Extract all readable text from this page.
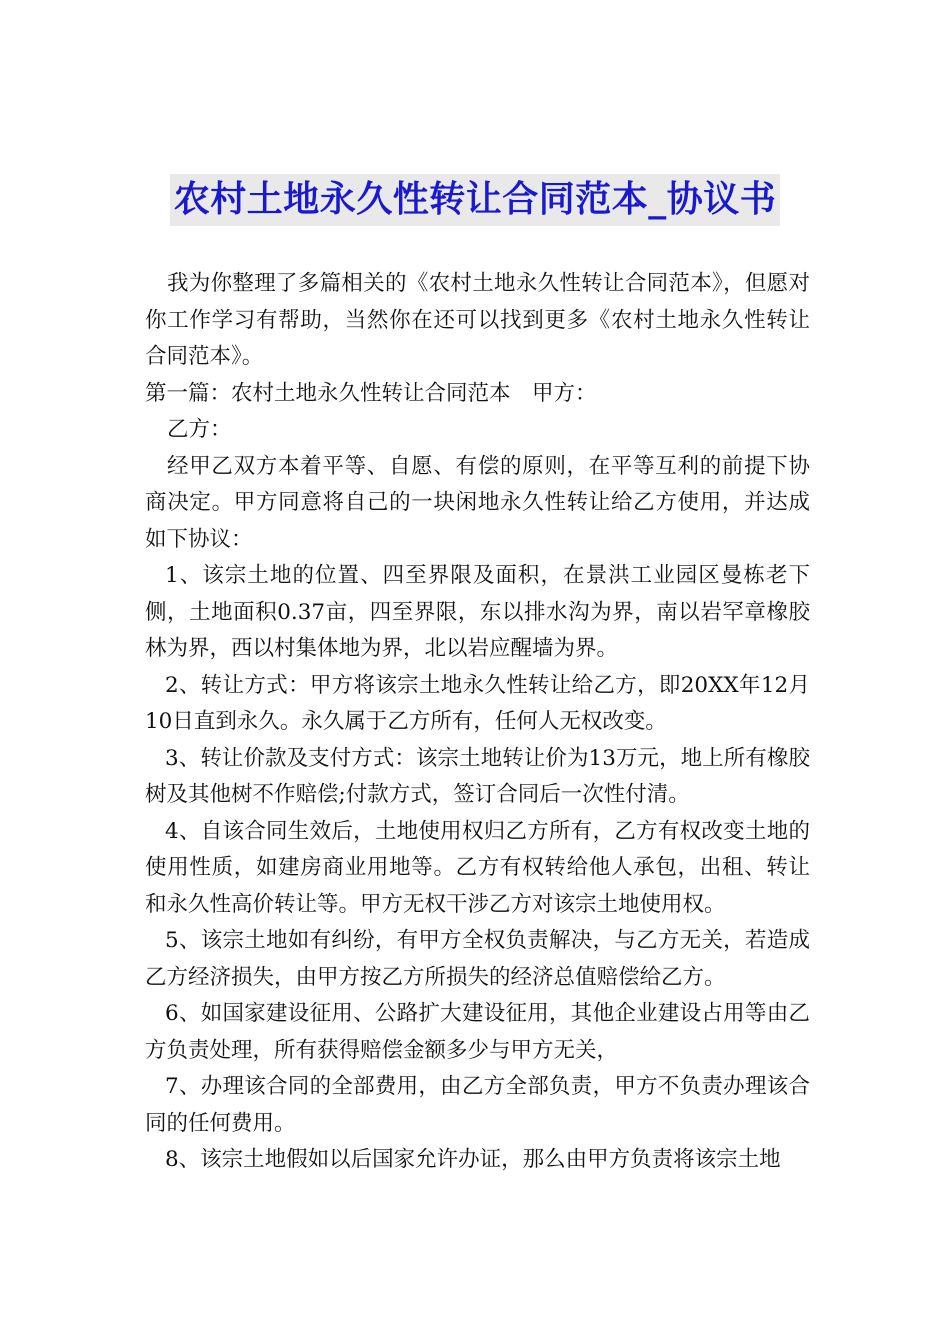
农村土地永久性转让合同范本_协议书

我为你整理了多篇相关的《农村土地永久性转让合同范本》，但愿对你工作学习有帮助，当然你在还可以找到更多《农村土地永久性转让合同范本》。

第一篇：农村土地永久性转让合同范本　甲方：

乙方：

经甲乙双方本着平等、自愿、有偿的原则，在平等互利的前提下协商决定。甲方同意将自己的一块闲地永久性转让给乙方使用，并达成如下协议：

1、该宗土地的位置、四至界限及面积，在景洪工业园区曼栋老下侧，土地面积0.37亩，四至界限，东以排水沟为界，南以岩罕章橡胶林为界，西以村集体地为界，北以岩应醒墙为界。

2、转让方式：甲方将该宗土地永久性转让给乙方，即20XX年12月10日直到永久。永久属于乙方所有，任何人无权改变。

3、转让价款及支付方式：该宗土地转让价为13万元，地上所有橡胶树及其他树不作赔偿;付款方式，签订合同后一次性付清。

4、自该合同生效后，土地使用权归乙方所有，乙方有权改变土地的使用性质，如建房商业用地等。乙方有权转给他人承包，出租、转让和永久性高价转让等。甲方无权干涉乙方对该宗土地使用权。

5、该宗土地如有纠纷，有甲方全权负责解决，与乙方无关，若造成乙方经济损失，由甲方按乙方所损失的经济总值赔偿给乙方。

6、如国家建设征用、公路扩大建设征用，其他企业建设占用等由乙方负责处理，所有获得赔偿金额多少与甲方无关，

7、办理该合同的全部费用，由乙方全部负责，甲方不负责办理该合同的任何费用。

8、该宗土地假如以后国家允许办证，那么由甲方负责将该宗土地
